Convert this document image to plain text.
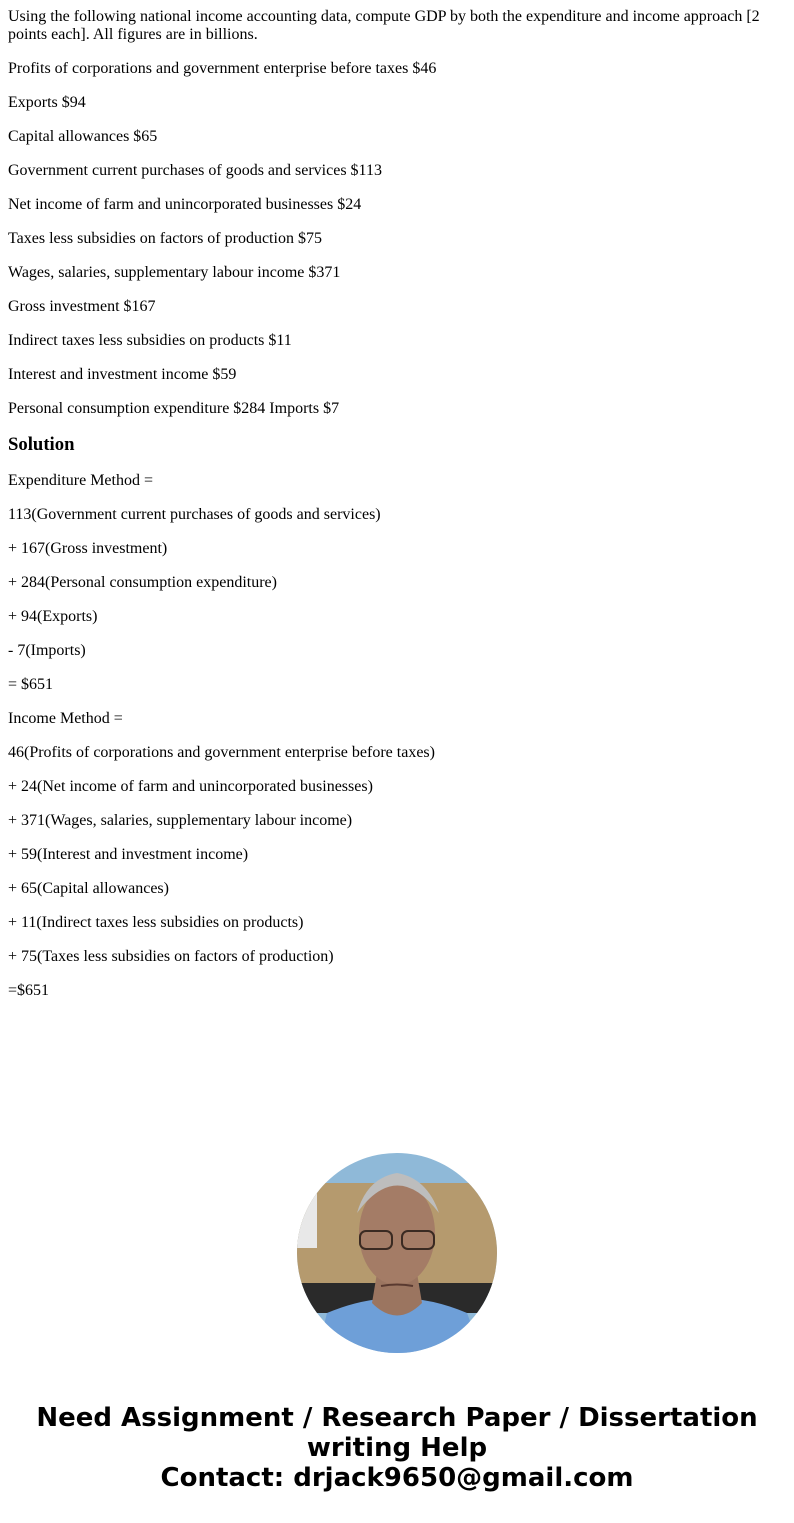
Using the following national income accounting data, compute GDP by both the expenditure and income approach [2 points each]. All figures are in billions.

Profits of corporations and government enterprise before taxes $46

Exports $94

Capital allowances $65

Government current purchases of goods and services $113

Net income of farm and unincorporated businesses $24

Taxes less subsidies on factors of production $75

Wages, salaries, supplementary labour income $371

Gross investment $167

Indirect taxes less subsidies on products $11

Interest and investment income $59

Personal consumption expenditure $284 Imports $7

Solution

Expenditure Method =

113(Government current purchases of goods and services)

+ 167(Gross investment)

+ 284(Personal consumption expenditure)

+ 94(Exports)

- 7(Imports)

= $651

Income Method =

46(Profits of corporations and government enterprise before taxes)

+ 24(Net income of farm and unincorporated businesses)

+ 371(Wages, salaries, supplementary labour income)

+ 59(Interest and investment income)

+ 65(Capital allowances)

+ 11(Indirect taxes less subsidies on products)

+ 75(Taxes less subsidies on factors of production)

=$651

Need Assignment / Research Paper / Dissertation
writing Help
Contact: drjack9650@gmail.com
